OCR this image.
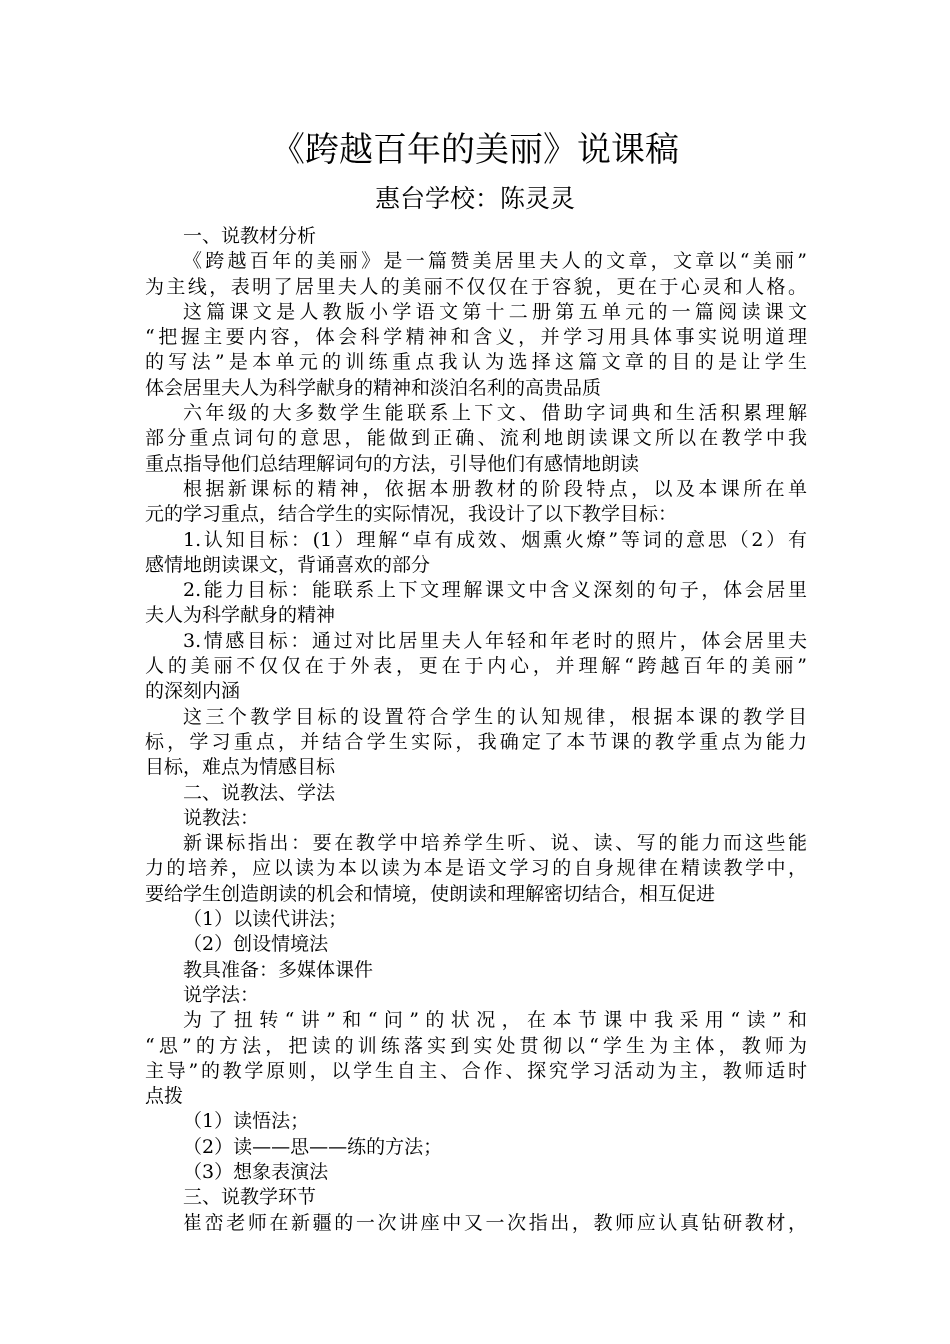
《跨越百年的美丽》说课稿
惠台学校：陈灵灵
一、说教材分析
《跨越百年的美丽》是一篇赞美居里夫人的文章，文章以“美丽”
为主线，表明了居里夫人的美丽不仅仅在于容貌，更在于心灵和人格。
这篇课文是人教版小学语文第十二册第五单元的一篇阅读课文
“把握主要内容，体会科学精神和含义，并学习用具体事实说明道理
的写法”是本单元的训练重点我认为选择这篇文章的目的是让学生
体会居里夫人为科学献身的精神和淡泊名利的高贵品质
六年级的大多数学生能联系上下文、借助字词典和生活积累理解
部分重点词句的意思，能做到正确、流利地朗读课文所以在教学中我
重点指导他们总结理解词句的方法，引导他们有感情地朗读
根据新课标的精神，依据本册教材的阶段特点，以及本课所在单
元的学习重点，结合学生的实际情况，我设计了以下教学目标：
1.认知目标：(1）理解“卓有成效、烟熏火燎”等词的意思（2）有
感情地朗读课文，背诵喜欢的部分
2.能力目标：能联系上下文理解课文中含义深刻的句子，体会居里
夫人为科学献身的精神
3.情感目标：通过对比居里夫人年轻和年老时的照片，体会居里夫
人的美丽不仅仅在于外表，更在于内心，并理解“跨越百年的美丽”
的深刻内涵
这三个教学目标的设置符合学生的认知规律，根据本课的教学目
标，学习重点，并结合学生实际，我确定了本节课的教学重点为能力
目标，难点为情感目标
二、说教法、学法
说教法：
新课标指出：要在教学中培养学生听、说、读、写的能力而这些能
力的培养，应以读为本以读为本是语文学习的自身规律在精读教学中，
要给学生创造朗读的机会和情境，使朗读和理解密切结合，相互促进
（1）以读代讲法；
（2）创设情境法
教具准备：多媒体课件
说学法：
为了扭转“讲”和“问”的状况，在本节课中我采用“读”和
“思”的方法，把读的训练落实到实处贯彻以“学生为主体，教师为
主导”的教学原则，以学生自主、合作、探究学习活动为主，教师适时
点拨
（1）读悟法；
（2）读——思——练的方法；
（3）想象表演法
三、说教学环节
崔峦老师在新疆的一次讲座中又一次指出，教师应认真钻研教材，
